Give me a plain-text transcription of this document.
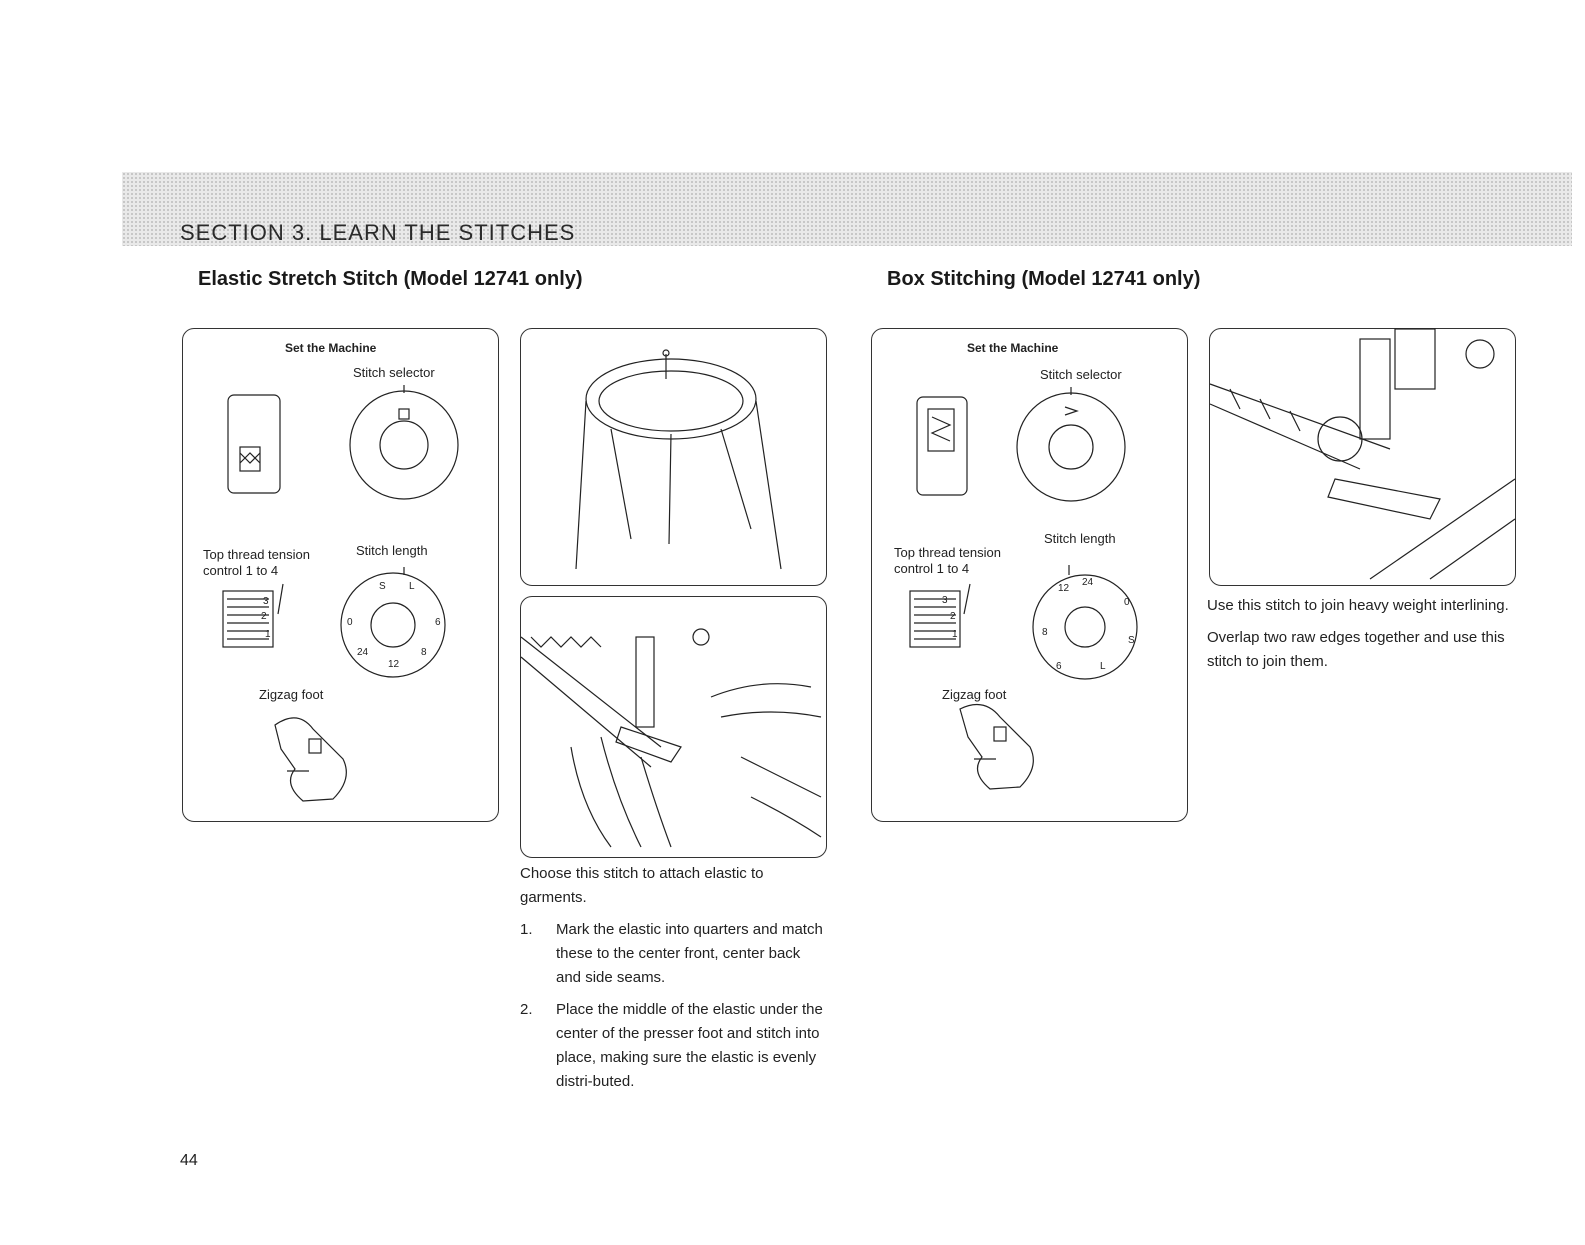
SECTION 3. LEARN THE STITCHES
Elastic Stretch Stitch (Model 12741 only)	Box Stitching (Model 12741 only)
Set the Machine
Stitch selector
Top thread tension
control 1 to 4
Stitch length
3
2
1
S L
0	6
8
12
24
Zigzag foot

Choose this stitch to attach elastic to garments.

1.	Mark the elastic into quarters and match these to the center front, center back and side seams.
2.	Place the middle of the elastic under the center of the presser foot and stitch into place, making sure the elastic is evenly distri-buted.
Set the Machine
Stitch selector
Top thread tension
control 1 to 4
Stitch length
3
2
1
12
24
0
S
L
6
8
Zigzag foot

Use this stitch to join heavy weight interlining.

Overlap two raw edges together and use this stitch to join them.

44
